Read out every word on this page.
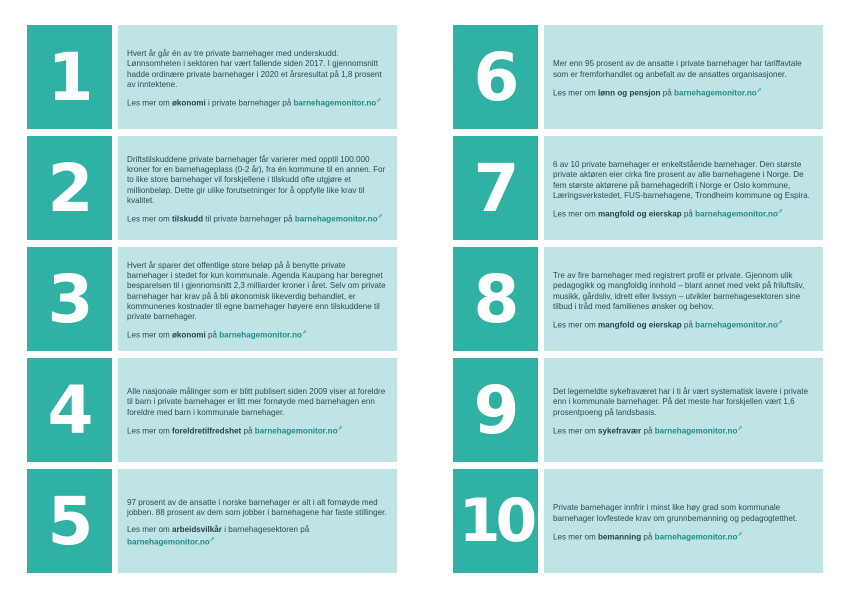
1	Hvert år går én av tre private barnehager med underskudd. Lønnsomheten i sektoren har vært fallende siden 2017. I gjennomsnitt hadde ordinære private barnehager i 2020 et årsresultat på 1,8 prosent av inntektene.

Les mer om økonomi i private barnehager på barnehagemonitor.no⇗

2	Driftstilskuddene private barnehager får varierer med opptil 100.000 kroner for en barnehageplass (0-2 år), fra én kommune til en annen. For to like store barnehager vil forskjellene i tilskudd ofte utgjøre et millionbeløp. Dette gir ulike forutsetninger for å oppfylle like krav til kvalitet.

Les mer om tilskudd til private barnehager på barnehagemonitor.no⇗

3	Hvert år sparer det offentlige store beløp på å benytte private barnehager i stedet for kun kommunale. Agenda Kaupang har beregnet besparelsen til i gjennomsnitt 2,3 milliarder kroner i året. Selv om private barnehager har krav på å bli økonomisk likeverdig behandlet, er kommunenes kostnader til egne barnehager høyere enn tilskuddene til private barnehager.

Les mer om økonomi på barnehagemonitor.no⇗

4	Alle nasjonale målinger som er blitt publisert siden 2009 viser at foreldre til barn i private barnehager er litt mer fornøyde med barnehagen enn foreldre med barn i kommunale barnehager.

Les mer om foreldretilfredshet på barnehagemonitor.no⇗

5	97 prosent av de ansatte i norske barnehager er alt i alt fornøyde med jobben. 88 prosent av dem som jobber i barnehagene har faste stillinger.

Les mer om arbeidsvilkår i barnehagesektoren på barnehagemonitor.no⇗

6	Mer enn 95 prosent av de ansatte i private barnehager har tariffavtale som er fremforhandlet og anbefalt av de ansattes organisasjoner.

Les mer om lønn og pensjon på barnehagemonitor.no⇗

7	6 av 10 private barnehager er enkeltstående barnehager. Den største private aktøren eier cirka fire prosent av alle barnehagene i Norge. De fem største aktørene på barnehagedrift i Norge er Oslo kommune, Læringsverkstedet, FUS-barnehagene, Trondheim kommune og Espira.

Les mer om mangfold og eierskap på barnehagemonitor.no⇗

8	Tre av fire barnehager med registrert profil er private. Gjennom ulik pedagogikk og mangfoldig innhold – blant annet med vekt på friluftsliv, musikk, gårdsliv, idrett eller livssyn – utvikler barnehagesektoren sine tilbud i tråd med familienes ønsker og behov.

Les mer om mangfold og eierskap på barnehagemonitor.no⇗

9	Det legemeldte sykefraværet har i ti år vært systematisk lavere i private enn i kommunale barnehager. På det meste har forskjellen vært 1,6 prosentpoeng på landsbasis.

Les mer om sykefravær på barnehagemonitor.no⇗

10	Private barnehager innfrir i minst like høy grad som kommunale barnehager lovfestede krav om grunnbemanning og pedagogtetthet.

Les mer om bemanning på barnehagemonitor.no⇗
